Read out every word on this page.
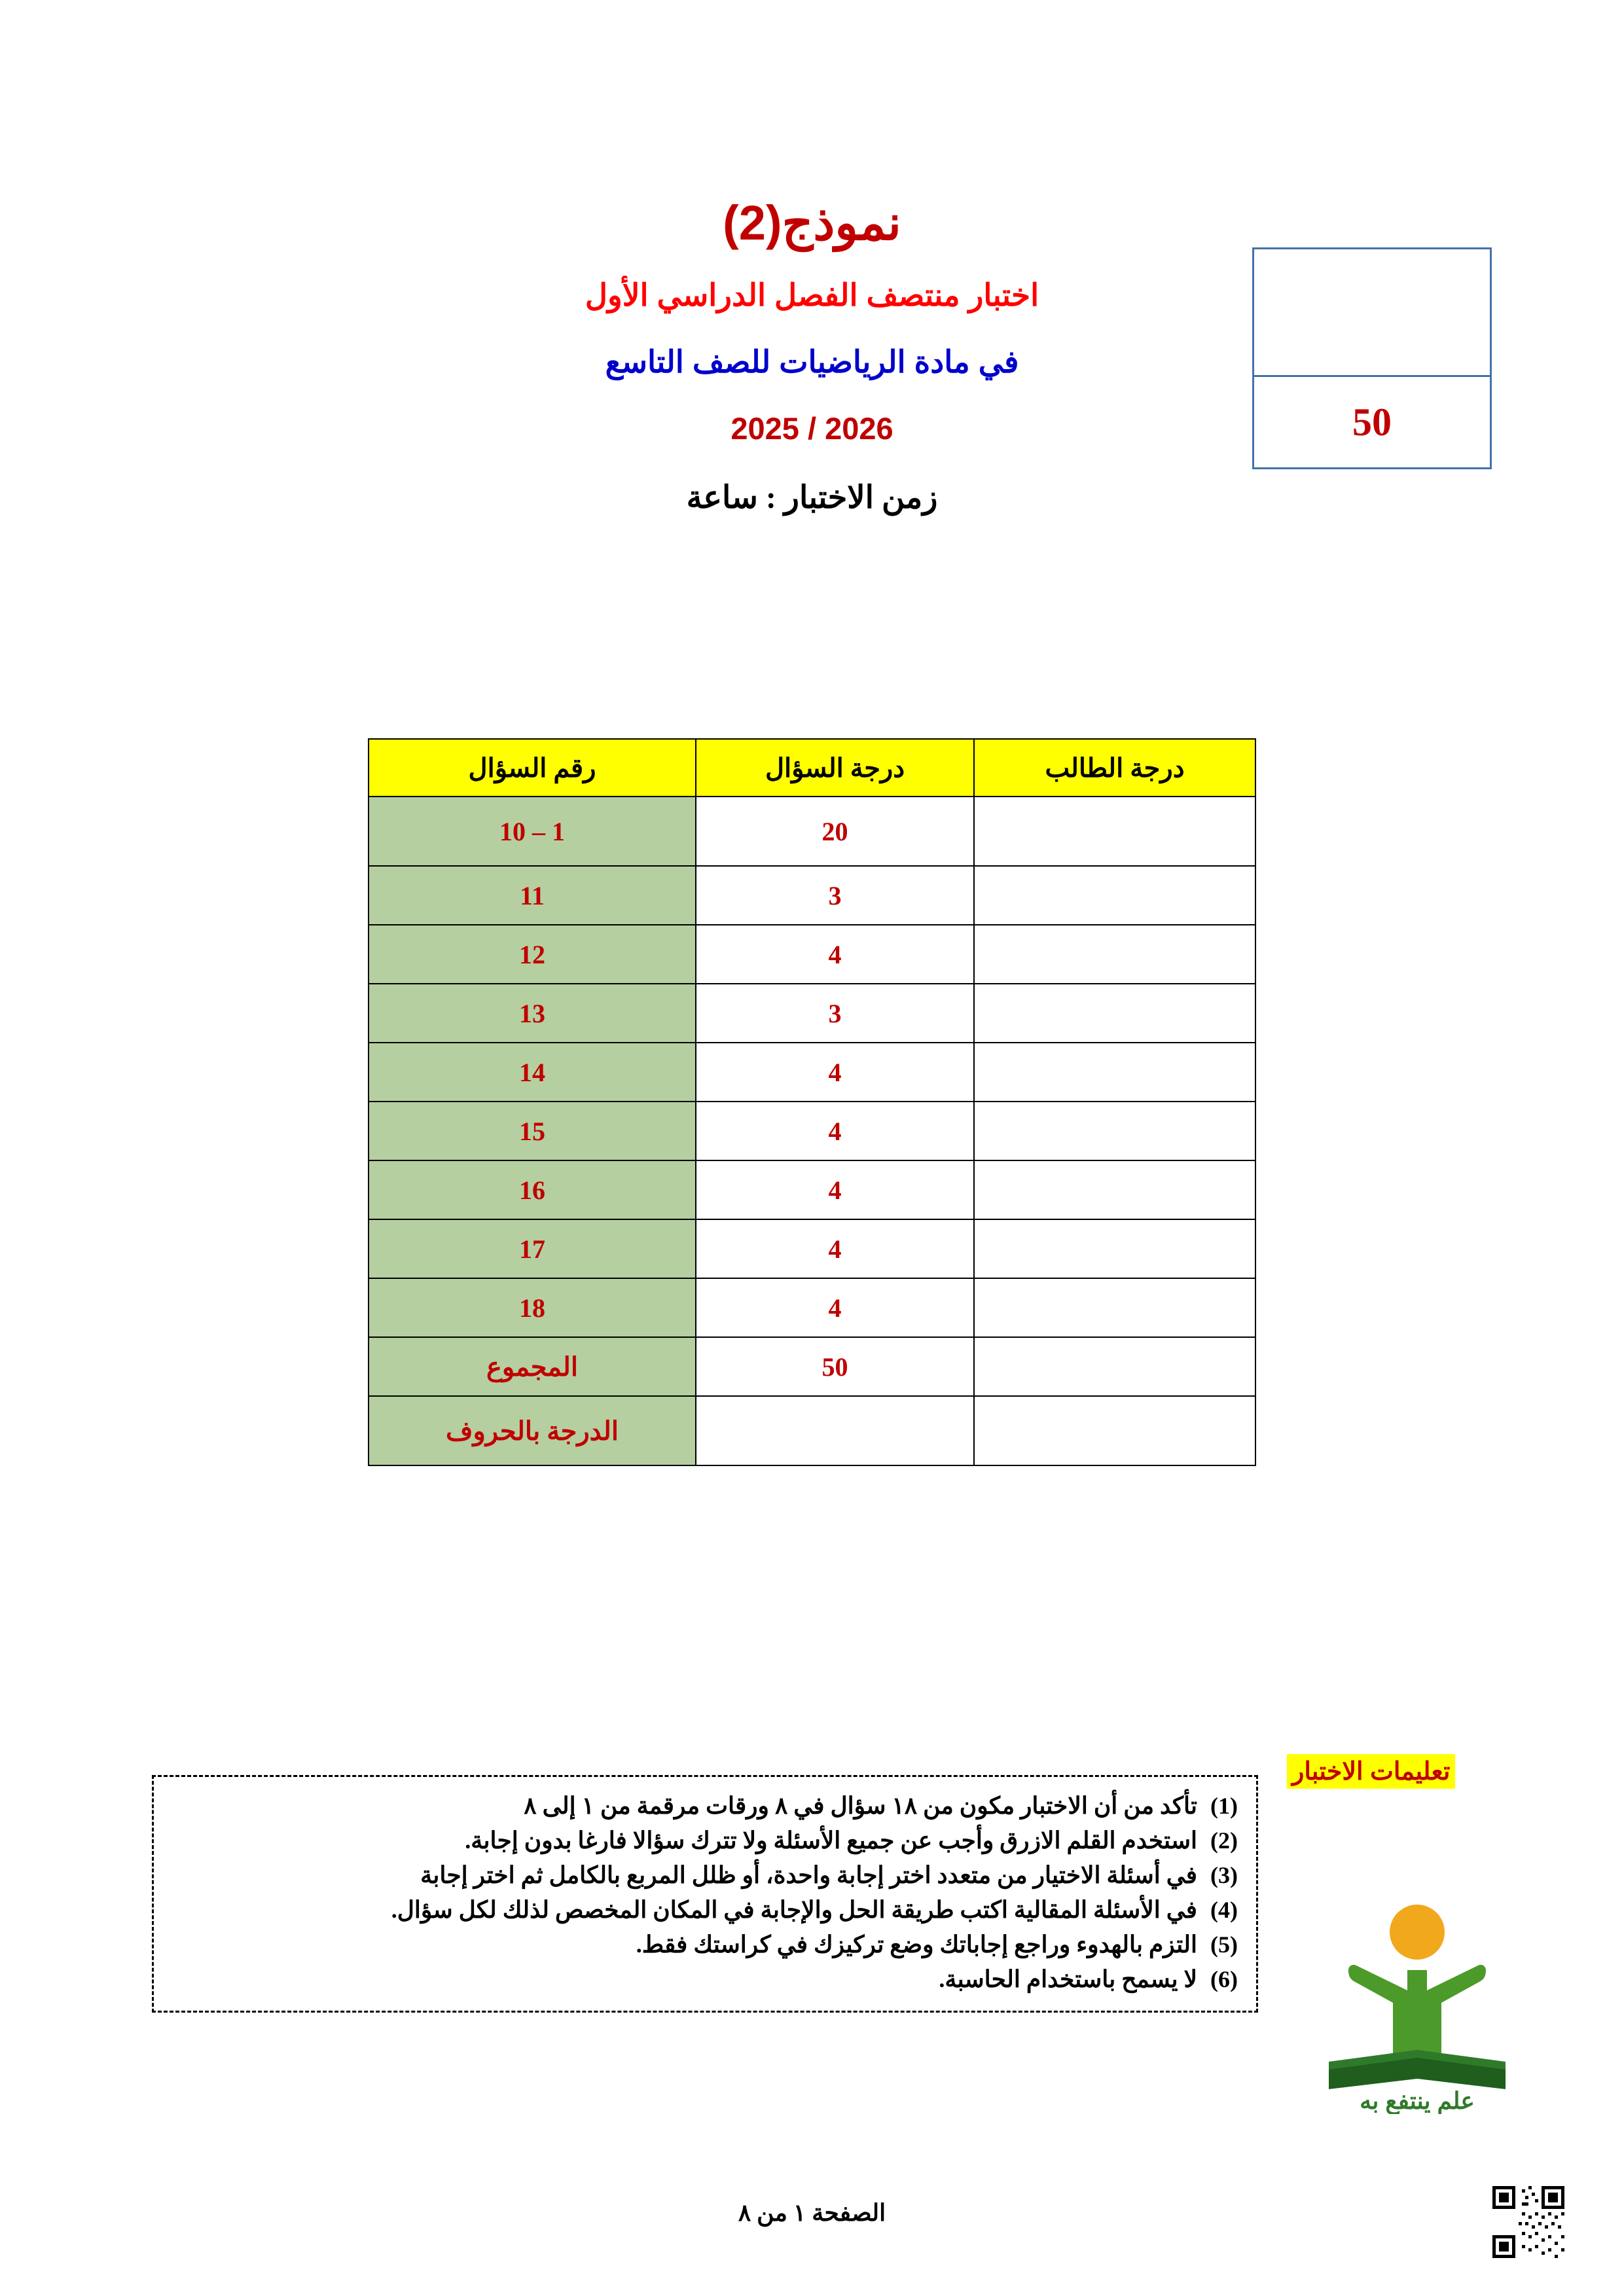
نموذج(2)
اختبار منتصف الفصل الدراسي الأول
في مادة الرياضيات للصف التاسع
2025 / 2026
زمن الاختبار : ساعة
50
درجة الطالب	درجة السؤال	رقم السؤال
	20	1 – 10
	3	11
	4	12
	3	13
	4	14
	4	15
	4	16
	4	17
	4	18
	50	المجموع
		الدرجة بالحروف
تعليمات الاختبار
تأكد من أن الاختبار مكون من ١٨ سؤال في ٨ ورقات مرقمة من ١ إلى ٨
استخدم القلم الازرق وأجب عن جميع الأسئلة ولا تترك سؤالا فارغا بدون إجابة.
في أسئلة الاختيار من متعدد اختر إجابة واحدة، أو ظلل المربع بالكامل ثم اختر إجابة
في الأسئلة المقالية اكتب طريقة الحل والإجابة في المكان المخصص لذلك لكل سؤال.
التزم بالهدوء وراجع إجاباتك وضع تركيزك في كراستك فقط.
لا يسمح باستخدام الحاسبة.
علم ينتفع به
الصفحة ١ من ٨
